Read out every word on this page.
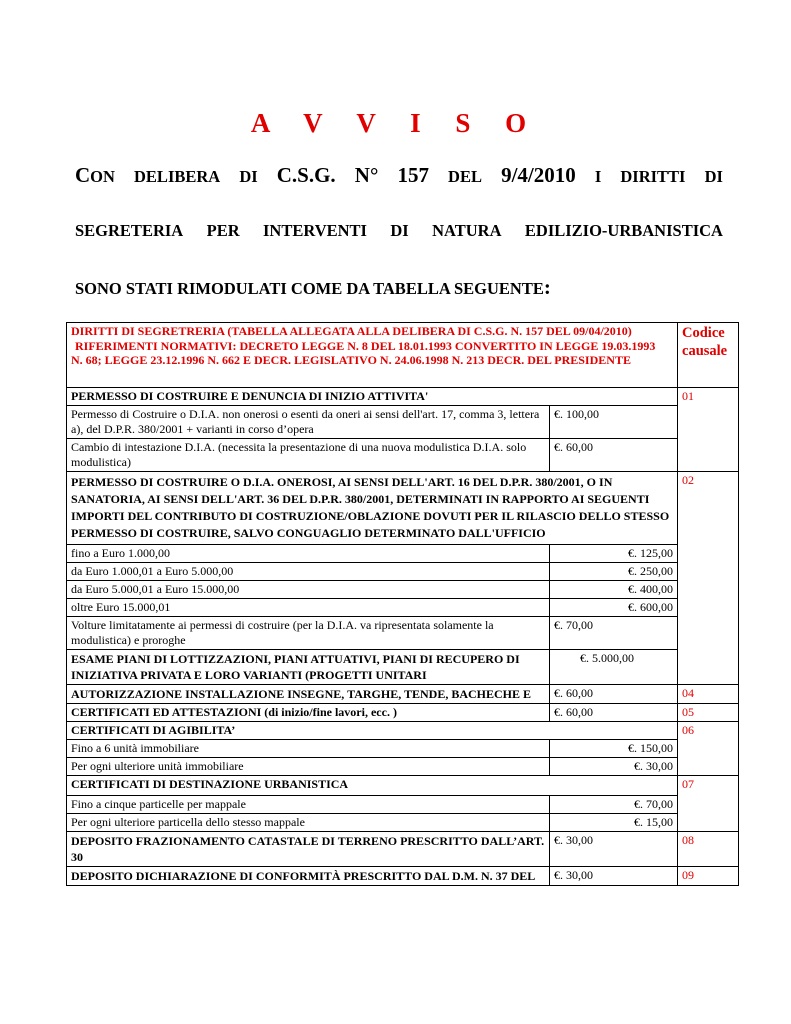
A V V I S O
CON DELIBERA DI C.S.G. N° 157 DEL 9/4/2010 I DIRITTI DI
SEGRETERIA PER INTERVENTI DI NATURA EDILIZIO-URBANISTICA
SONO STATI RIMODULATI COME DA TABELLA SEGUENTE:
DIRITTI DI SEGRETRERIA (TABELLA ALLEGATA ALLA DELIBERA DI C.S.G. N. 157 DEL 09/04/2010)
RIFERIMENTI NORMATIVI: DECRETO LEGGE N. 8 DEL 18.01.1993 CONVERTITO IN LEGGE 19.03.1993
N. 68; LEGGE 23.12.1996 N. 662 E DECR. LEGISLATIVO N. 24.06.1998 N. 213 DECR. DEL PRESIDENTE		Codice causale	
PERMESSO DI COSTRUIRE E DENUNCIA DI INIZIO ATTIVITA'		01	
Permesso di Costruire o D.I.A. non onerosi o esenti da oneri ai sensi dell'art. 17, comma 3, lettera a), del D.P.R. 380/2001 + varianti in corso d’opera	€. 100,00		
Cambio di intestazione D.I.A. (necessita la presentazione di una nuova modulistica D.I.A. solo modulistica)	€. 60,00		

PERMESSO DI COSTRUIRE O D.I.A. ONEROSI, AI SENSI DELL'ART. 16 DEL D.P.R. 380/2001, O IN SANATORIA, AI SENSI DELL'ART. 36 DEL D.P.R. 380/2001, DETERMINATI IN RAPPORTO AI SEGUENTI IMPORTI DEL CONTRIBUTO DI COSTRUZIONE/OBLAZIONE DOVUTI PER IL RILASCIO DELLO STESSO PERMESSO DI COSTRUIRE, SALVO CONGUAGLIO DETERMINATO DALL'UFFICIO		02	
fino a Euro 1.000,00	€. 125,00		
da Euro 1.000,01 a Euro 5.000,00	€. 250,00		
da Euro 5.000,01 a Euro 15.000,00	€. 400,00		
oltre Euro 15.000,01	€. 600,00		
Volture limitatamente ai permessi di costruire (per la D.I.A. va ripresentata solamente la modulistica) e proroghe	€. 70,00		
ESAME PIANI DI LOTTIZZAZIONI, PIANI ATTUATIVI, PIANI DI RECUPERO DI INIZIATIVA PRIVATA E LORO VARIANTI (PROGETTI UNITARI	€. 5.000,00	
AUTORIZZAZIONE INSTALLAZIONE INSEGNE, TARGHE, TENDE, BACHECHE E	€. 60,00	04	
CERTIFICATI ED ATTESTAZIONI (di inizio/fine lavori, ecc. )	€. 60,00	05	
CERTIFICATI DI AGIBILITA’		06	
Fino a 6 unità immobiliare	€. 150,00		
Per ogni ulteriore unità immobiliare	€. 30,00		
CERTIFICATI DI DESTINAZIONE URBANISTICA		07	
Fino a cinque particelle per mappale	€. 70,00		
Per ogni ulteriore particella dello stesso mappale	€. 15,00		
DEPOSITO FRAZIONAMENTO CATASTALE DI TERRENO PRESCRITTO DALL’ART. 30	€. 30,00	08	
DEPOSITO DICHIARAZIONE DI CONFORMITÀ PRESCRITTO DAL D.M. N. 37 DEL	€. 30,00	09	
